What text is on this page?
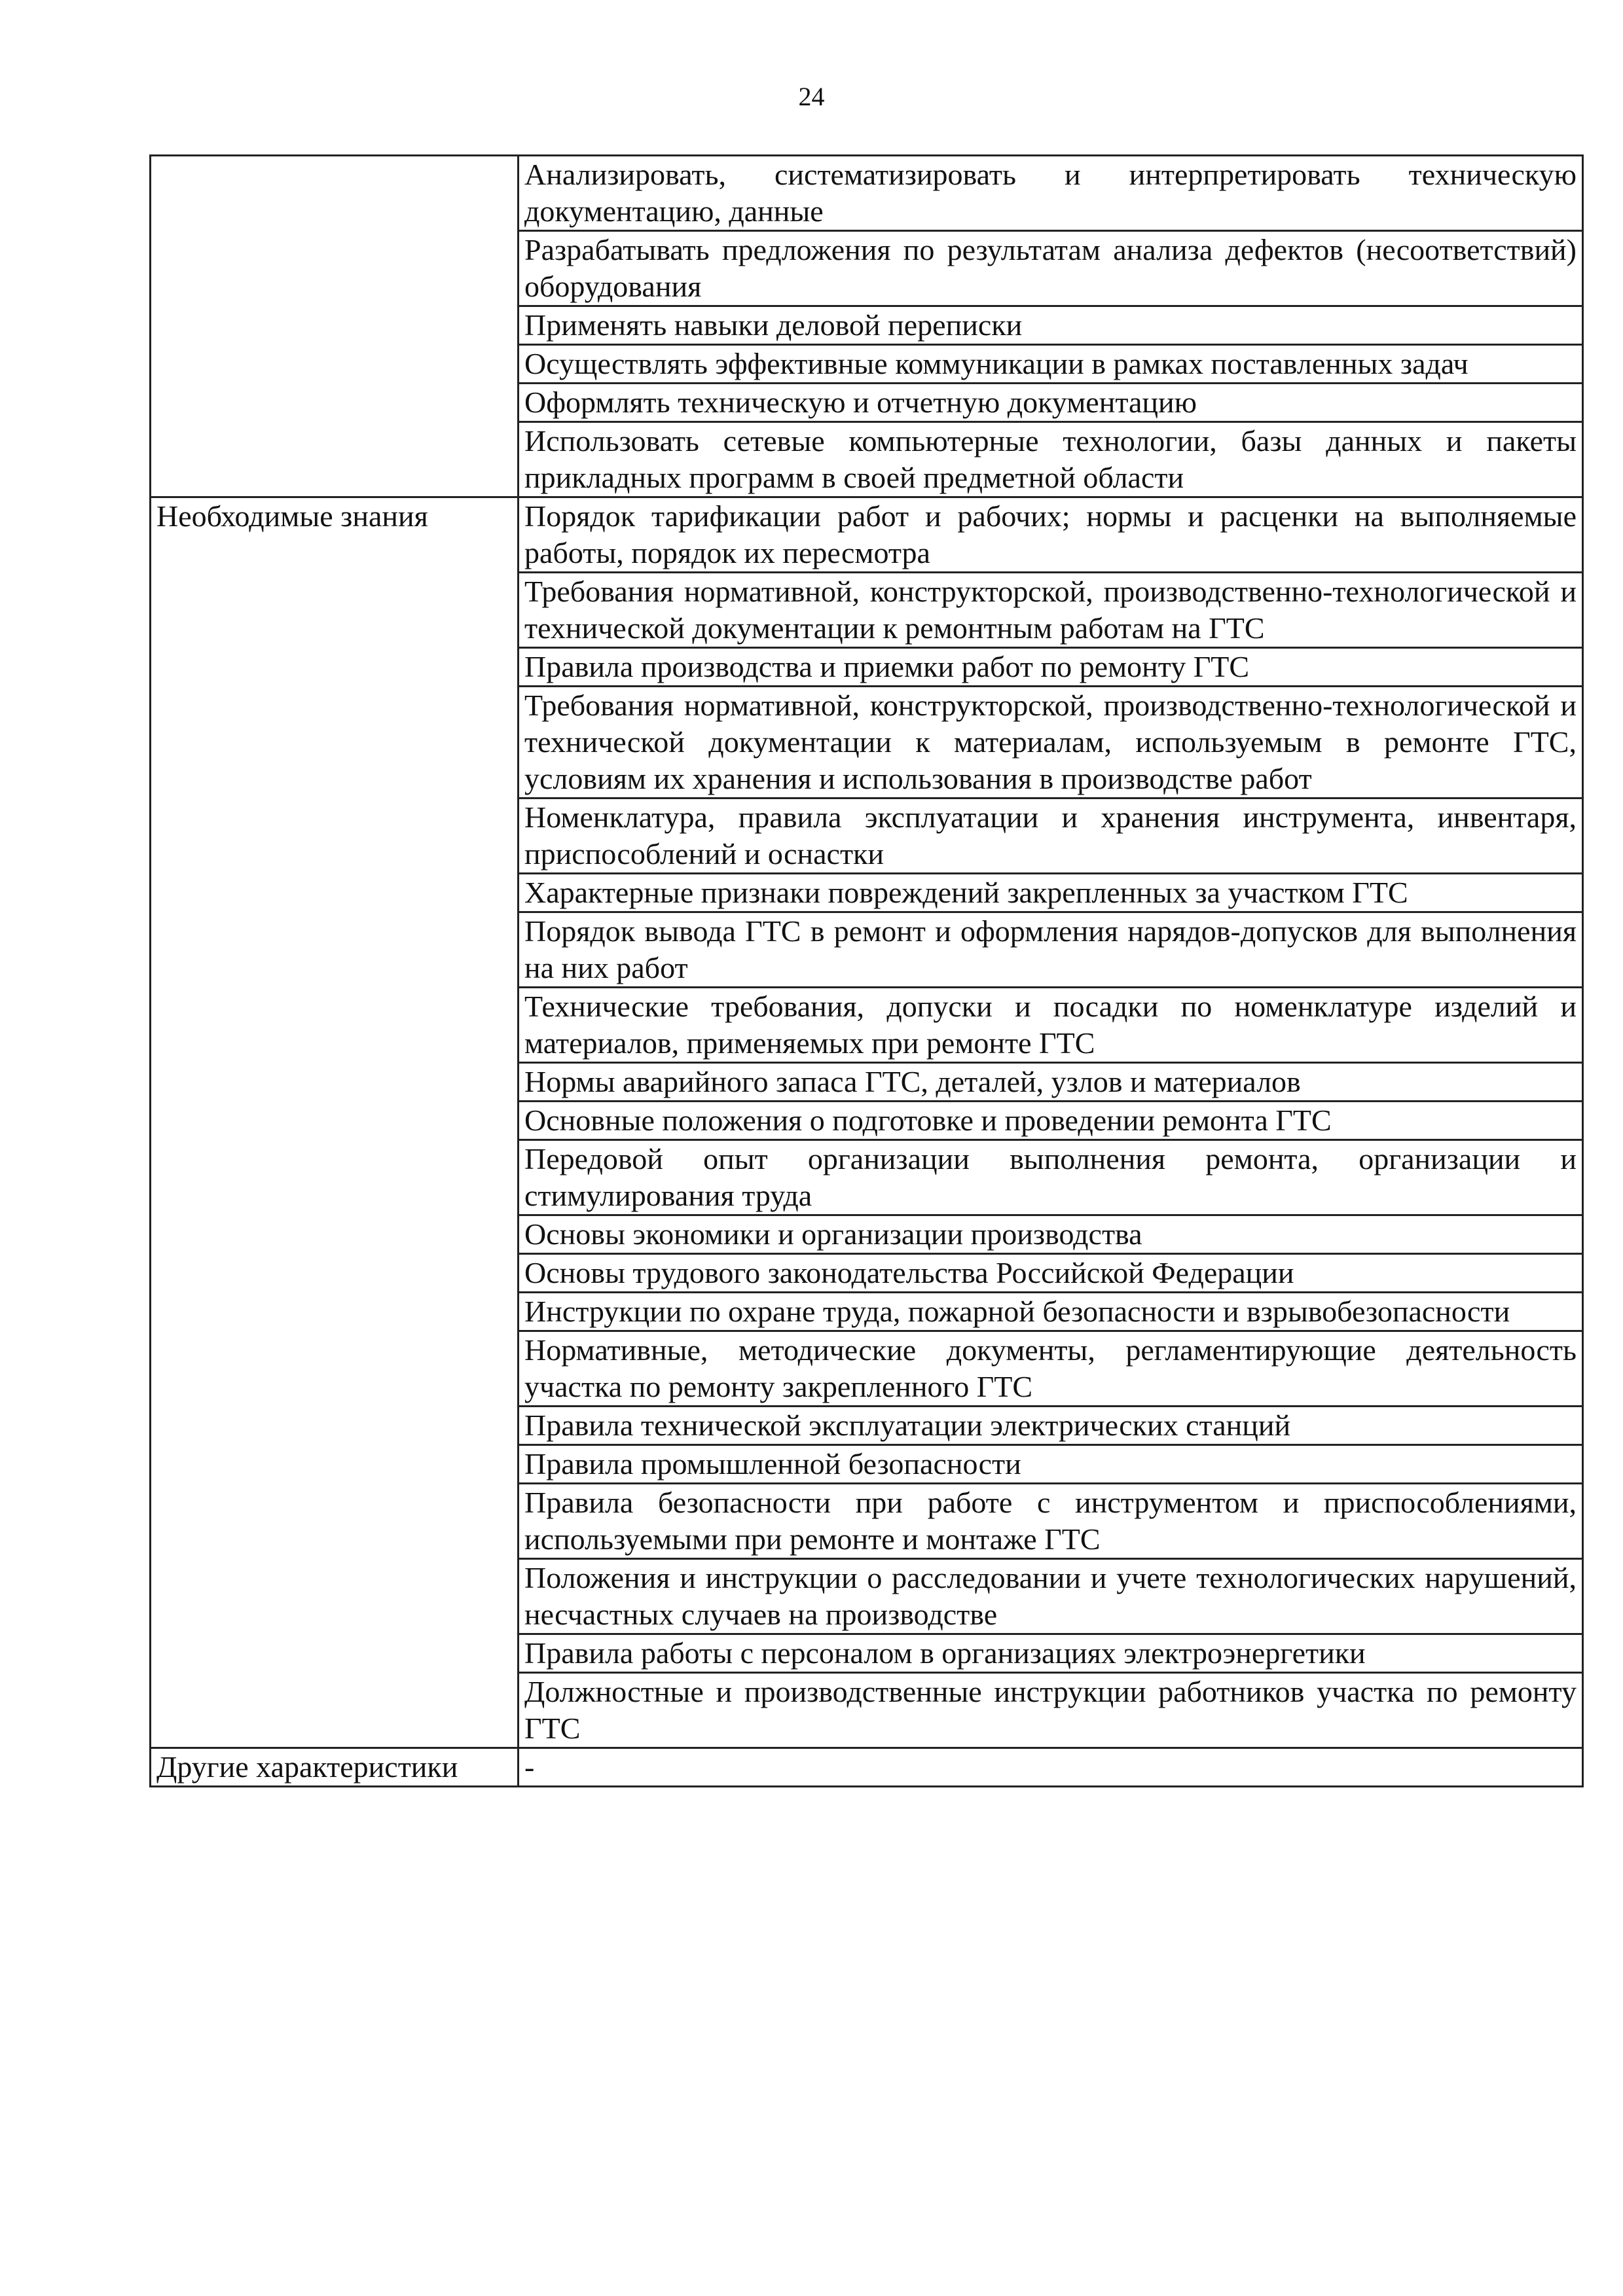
24
	Анализировать, систематизировать и интерпретировать техническую документацию, данные
	Разрабатывать предложения по результатам анализа дефектов (несоответствий) оборудования
	Применять навыки деловой переписки
	Осуществлять эффективные коммуникации в рамках поставленных задач
	Оформлять техническую и отчетную документацию
	Использовать сетевые компьютерные технологии, базы данных и пакеты прикладных программ в своей предметной области
Необходимые знания	Порядок тарификации работ и рабочих; нормы и расценки на выполняемые работы, порядок их пересмотра
	Требования нормативной, конструкторской, производственно-технологической и технической документации к ремонтным работам на ГТС
	Правила производства и приемки работ по ремонту ГТС
	Требования нормативной, конструкторской, производственно-технологической и технической документации к материалам, используемым в ремонте ГТС, условиям их хранения и использования в производстве работ
	Номенклатура, правила эксплуатации и хранения инструмента, инвентаря, приспособлений и оснастки
	Характерные признаки повреждений закрепленных за участком ГТС
	Порядок вывода ГТС в ремонт и оформления нарядов-допусков для выполнения на них работ
	Технические требования, допуски и посадки по номенклатуре изделий и материалов, применяемых при ремонте ГТС
	Нормы аварийного запаса ГТС, деталей, узлов и материалов
	Основные положения о подготовке и проведении ремонта ГТС
	Передовой опыт организации выполнения ремонта, организации и стимулирования труда
	Основы экономики и организации производства
	Основы трудового законодательства Российской Федерации
	Инструкции по охране труда, пожарной безопасности и взрывобезопасности
	Нормативные, методические документы, регламентирующие деятельность участка по ремонту закрепленного ГТС
	Правила технической эксплуатации электрических станций
	Правила промышленной безопасности
	Правила безопасности при работе с инструментом и приспособлениями, используемыми при ремонте и монтаже ГТС
	Положения и инструкции о расследовании и учете технологических нарушений, несчастных случаев на производстве
	Правила работы с персоналом в организациях электроэнергетики
	Должностные и производственные инструкции работников участка по ремонту ГТС
Другие характеристики	-
